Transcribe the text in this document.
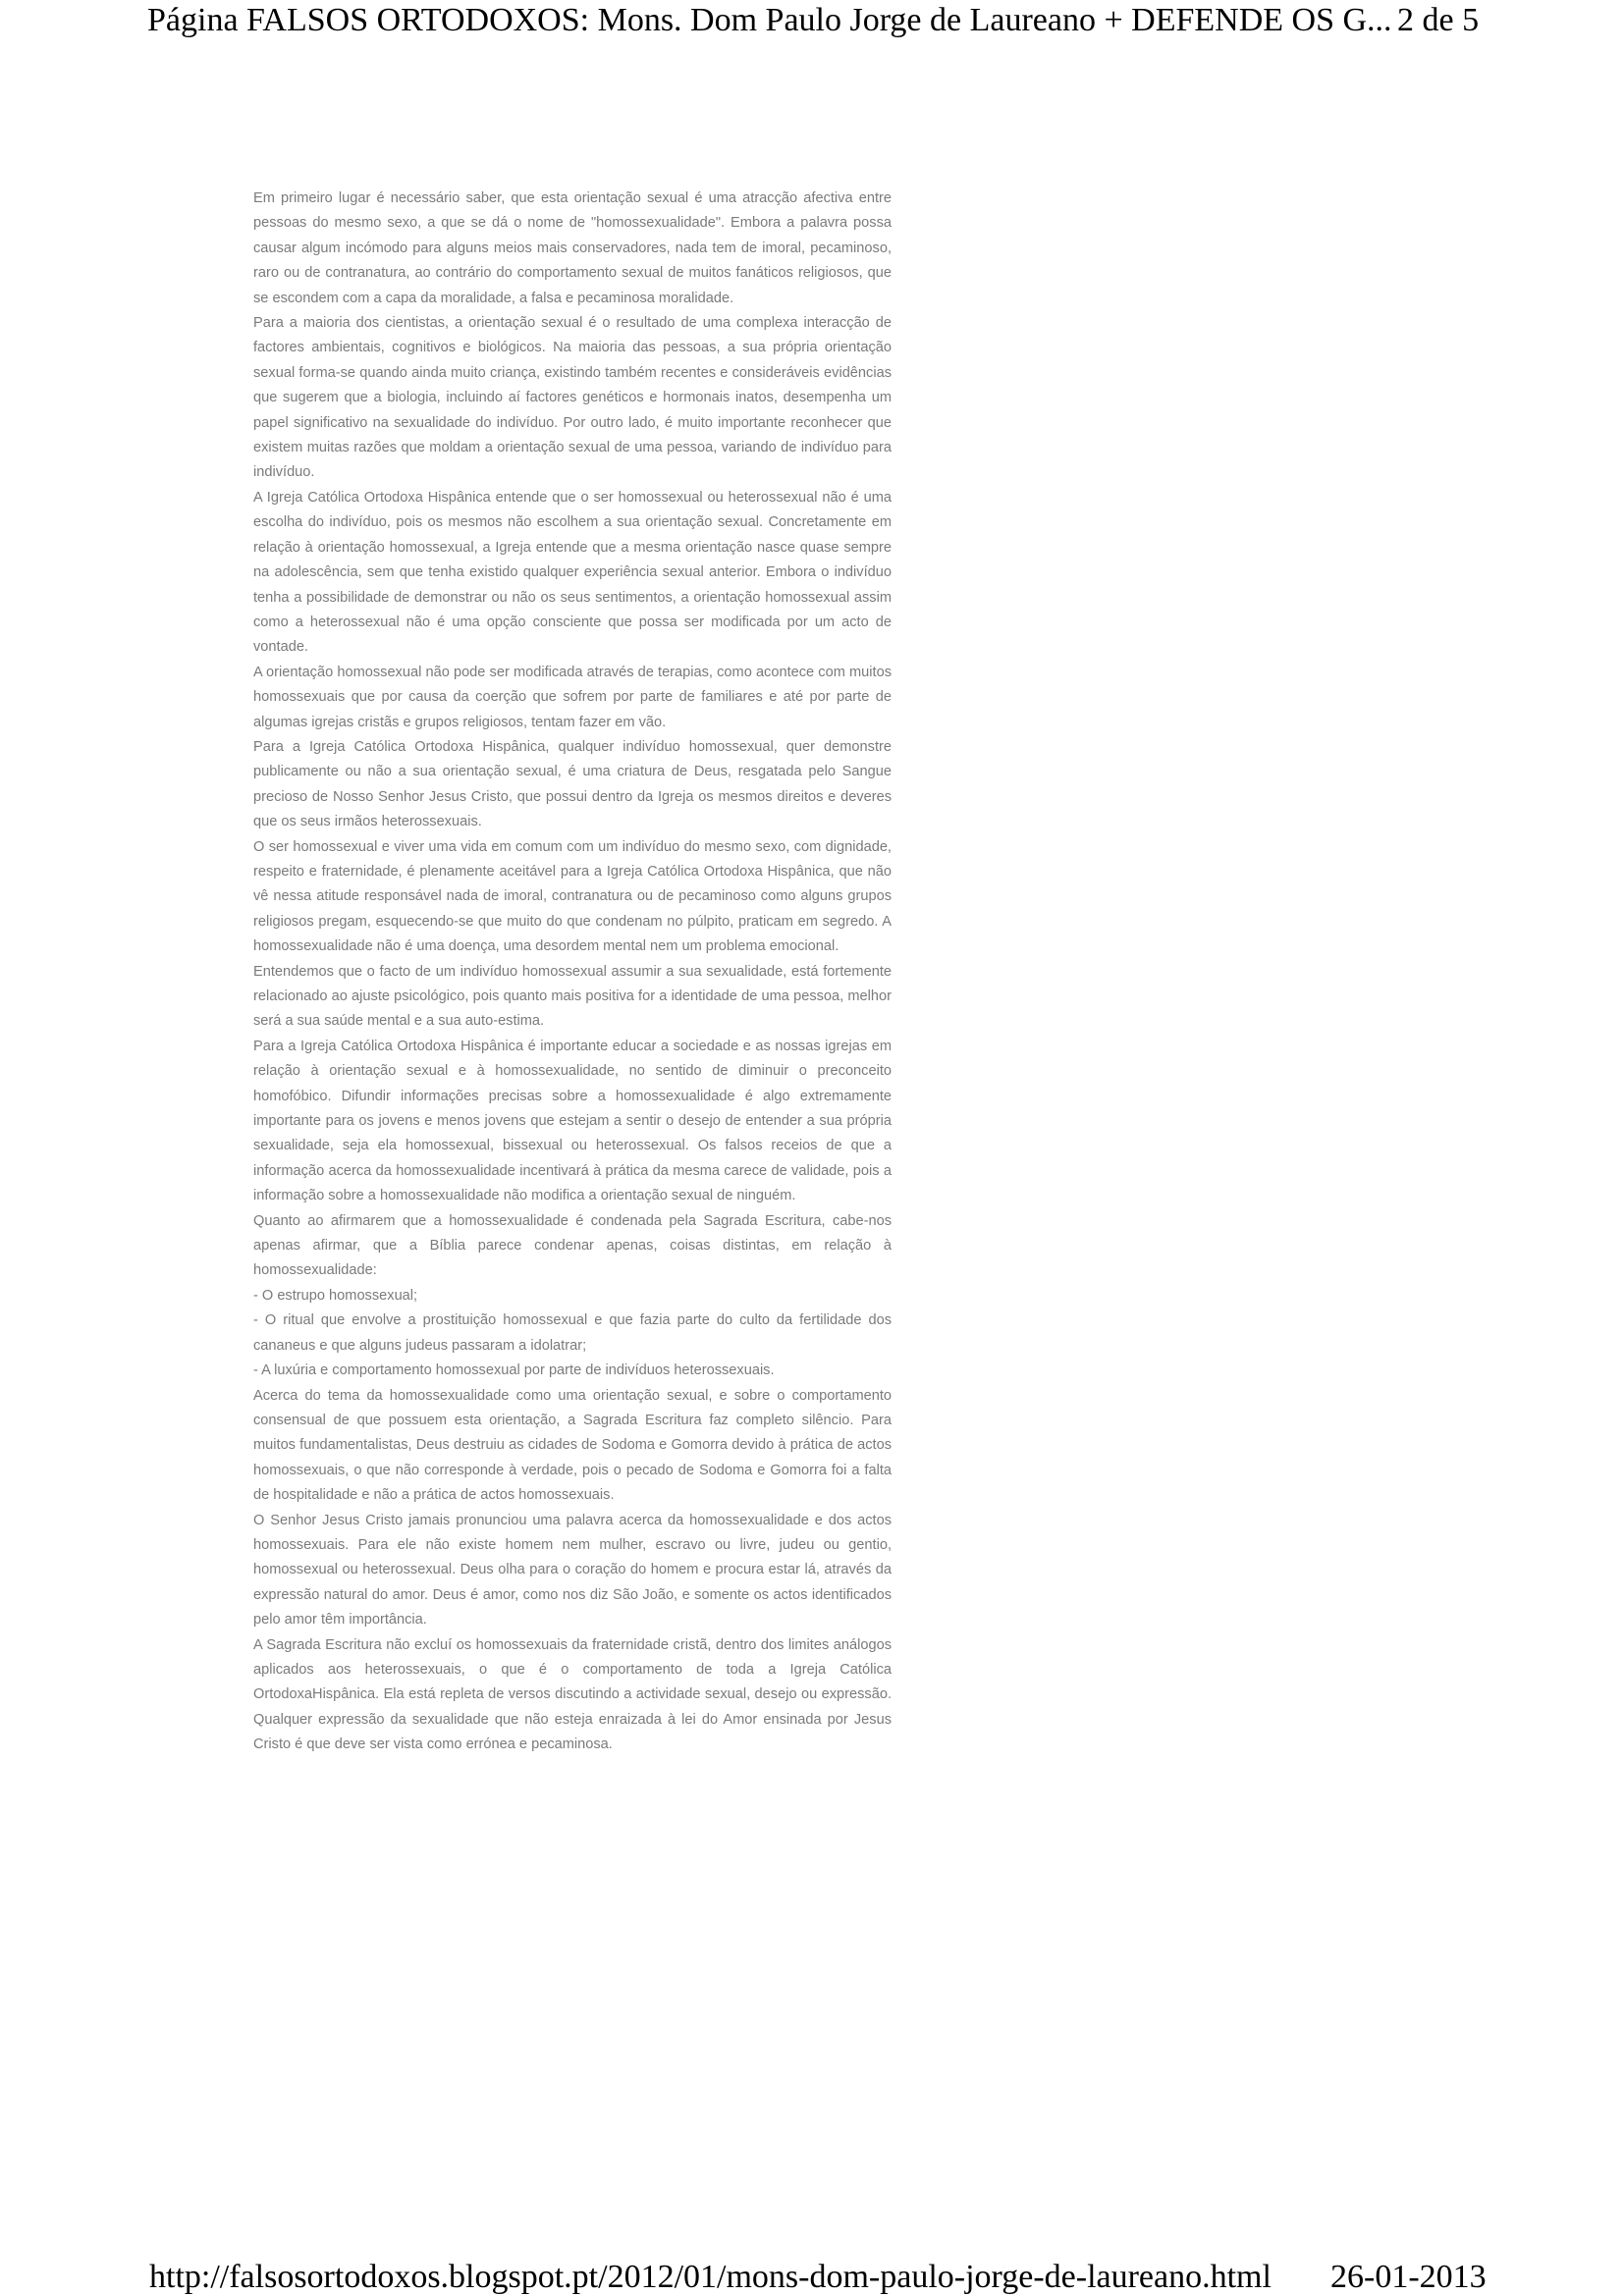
Página FALSOS ORTODOXOS: Mons. Dom Paulo Jorge de Laureano + DEFENDE OS G... 2 de 5

Em primeiro lugar é necessário saber, que esta orientação sexual é uma atracção afectiva entre pessoas do mesmo sexo, a que se dá o nome de "homossexualidade". Embora a palavra possa causar algum incómodo para alguns meios mais conservadores, nada tem de imoral, pecaminoso, raro ou de contranatura, ao contrário do comportamento sexual de muitos fanáticos religiosos, que se escondem com a capa da moralidade, a falsa e pecaminosa moralidade.

Para a maioria dos cientistas, a orientação sexual é o resultado de uma complexa interacção de factores ambientais, cognitivos e biológicos. Na maioria das pessoas, a sua própria orientação sexual forma-se quando ainda muito criança, existindo também recentes e consideráveis evidências que sugerem que a biologia, incluindo aí factores genéticos e hormonais inatos, desempenha um papel significativo na sexualidade do indivíduo. Por outro lado, é muito importante reconhecer que existem muitas razões que moldam a orientação sexual de uma pessoa, variando de indivíduo para indivíduo.

A Igreja Católica Ortodoxa Hispânica entende que o ser homossexual ou heterossexual não é uma escolha do indivíduo, pois os mesmos não escolhem a sua orientação sexual. Concretamente em relação à orientação homossexual, a Igreja entende que a mesma orientação nasce quase sempre na adolescência, sem que tenha existido qualquer experiência sexual anterior. Embora o indivíduo tenha a possibilidade de demonstrar ou não os seus sentimentos, a orientação homossexual assim como a heterossexual não é uma opção consciente que possa ser modificada por um acto de vontade.

A orientação homossexual não pode ser modificada através de terapias, como acontece com muitos homossexuais que por causa da coerção que sofrem por parte de familiares e até por parte de algumas igrejas cristãs e grupos religiosos, tentam fazer em vão.

Para a Igreja Católica Ortodoxa Hispânica, qualquer indivíduo homossexual, quer demonstre publicamente ou não a sua orientação sexual, é uma criatura de Deus, resgatada pelo Sangue precioso de Nosso Senhor Jesus Cristo, que possui dentro da Igreja os mesmos direitos e deveres que os seus irmãos heterossexuais.

O ser homossexual e viver uma vida em comum com um indivíduo do mesmo sexo, com dignidade, respeito e fraternidade, é plenamente aceitável para a Igreja Católica Ortodoxa Hispânica, que não vê nessa atitude responsável nada de imoral, contranatura ou de pecaminoso como alguns grupos religiosos pregam, esquecendo-se que muito do que condenam no púlpito, praticam em segredo. A homossexualidade não é uma doença, uma desordem mental nem um problema emocional.

Entendemos que o facto de um indivíduo homossexual assumir a sua sexualidade, está fortemente relacionado ao ajuste psicológico, pois quanto mais positiva for a identidade de uma pessoa, melhor será a sua saúde mental e a sua auto-estima.

Para a Igreja Católica Ortodoxa Hispânica é importante educar a sociedade e as nossas igrejas em relação à orientação sexual e à homossexualidade, no sentido de diminuir o preconceito homofóbico. Difundir informações precisas sobre a homossexualidade é algo extremamente importante para os jovens e menos jovens que estejam a sentir o desejo de entender a sua própria sexualidade, seja ela homossexual, bissexual ou heterossexual. Os falsos receios de que a informação acerca da homossexualidade incentivará à prática da mesma carece de validade, pois a informação sobre a homossexualidade não modifica a orientação sexual de ninguém.

Quanto ao afirmarem que a homossexualidade é condenada pela Sagrada Escritura, cabe-nos apenas afirmar, que a Bíblia parece condenar apenas, coisas distintas, em relação à homossexualidade:

- O estrupo homossexual;

- O ritual que envolve a prostituição homossexual e que fazia parte do culto da fertilidade dos cananeus e que alguns judeus passaram a idolatrar;

- A luxúria e comportamento homossexual por parte de indivíduos heterossexuais.

Acerca do tema da homossexualidade como uma orientação sexual, e sobre o comportamento consensual de que possuem esta orientação, a Sagrada Escritura faz completo silêncio. Para muitos fundamentalistas, Deus destruiu as cidades de Sodoma e Gomorra devido à prática de actos homossexuais, o que não corresponde à verdade, pois o pecado de Sodoma e Gomorra foi a falta de hospitalidade e não a prática de actos homossexuais.

O Senhor Jesus Cristo jamais pronunciou uma palavra acerca da homossexualidade e dos actos homossexuais. Para ele não existe homem nem mulher, escravo ou livre, judeu ou gentio, homossexual ou heterossexual. Deus olha para o coração do homem e procura estar lá, através da expressão natural do amor. Deus é amor, como nos diz São João, e somente os actos identificados pelo amor têm importância.

A Sagrada Escritura não excluí os homossexuais da fraternidade cristã, dentro dos limites análogos aplicados aos heterossexuais, o que é o comportamento de toda a Igreja Católica OrtodoxaHispânica. Ela está repleta de versos discutindo a actividade sexual, desejo ou expressão. Qualquer expressão da sexualidade que não esteja enraizada à lei do Amor ensinada por Jesus Cristo é que deve ser vista como errónea e pecaminosa.

http://falsosortodoxos.blogspot.pt/2012/01/mons-dom-paulo-jorge-de-laureano.html 26-01-2013
